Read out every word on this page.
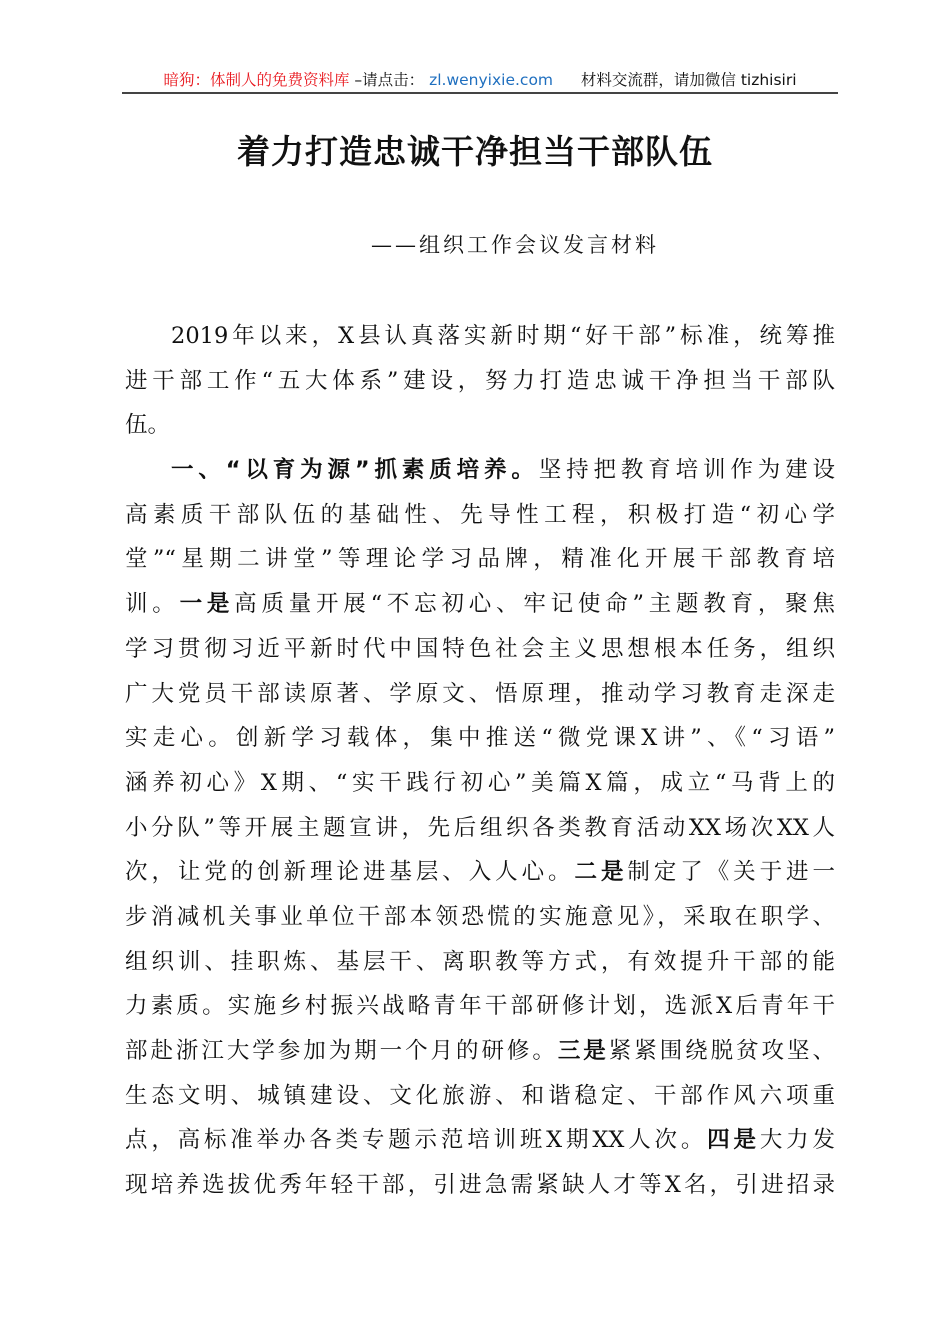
暗狗：体制人的免费资料库 –请点击： zl.wenyixie.com 材料交流群，请加微信 tizhisiri
着力打造忠诚干净担当干部队伍
——组织工作会议发言材料
2019年以来，X县认真落实新时期“好干部”标准，统筹推
进干部工作“五大体系”建设，努力打造忠诚干净担当干部队
伍。
一、“以育为源”抓素质培养。坚持把教育培训作为建设
高素质干部队伍的基础性、先导性工程，积极打造“初心学
堂”“星期二讲堂”等理论学习品牌，精准化开展干部教育培
训。一是高质量开展“不忘初心、牢记使命”主题教育，聚焦
学习贯彻习近平新时代中国特色社会主义思想根本任务，组织
广大党员干部读原著、学原文、悟原理，推动学习教育走深走
实走心。创新学习载体，集中推送“微党课X讲”、《“习语”
涵养初心》X期、“实干践行初心”美篇X篇，成立“马背上的
小分队”等开展主题宣讲，先后组织各类教育活动XX场次XX人
次，让党的创新理论进基层、入人心。二是制定了《关于进一
步消减机关事业单位干部本领恐慌的实施意见》，采取在职学、
组织训、挂职炼、基层干、离职教等方式，有效提升干部的能
力素质。实施乡村振兴战略青年干部研修计划，选派X后青年干
部赴浙江大学参加为期一个月的研修。三是紧紧围绕脱贫攻坚、
生态文明、城镇建设、文化旅游、和谐稳定、干部作风六项重
点，高标准举办各类专题示范培训班X期XX人次。四是大力发
现培养选拔优秀年轻干部，引进急需紧缺人才等X名，引进招录
